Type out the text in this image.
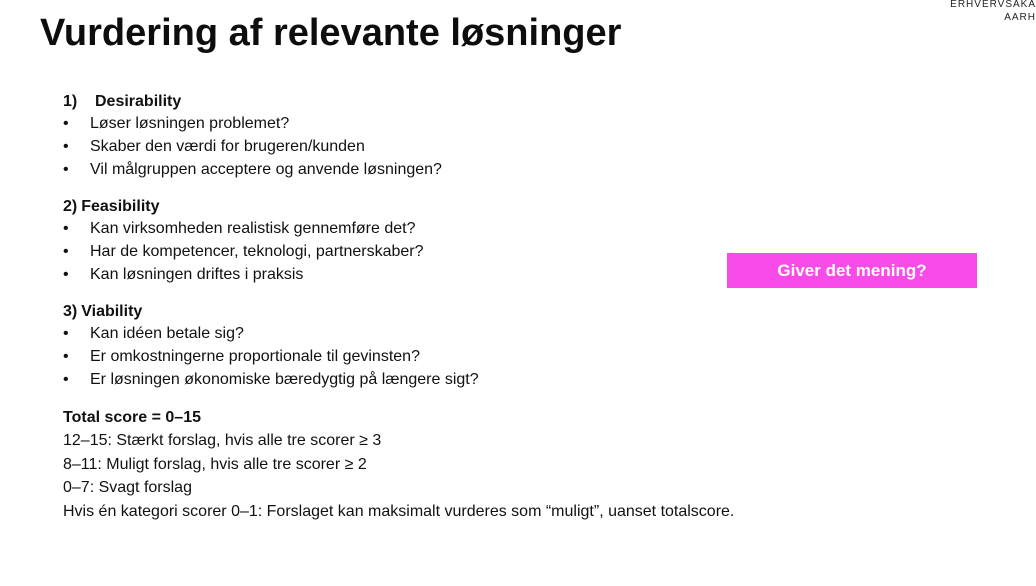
Vurdering af relevante løsninger
ERHVERVSAKA
AARH
1) Desirability
• Løser løsningen problemet?
• Skaber den værdi for brugeren/kunden
• Vil målgruppen acceptere og anvende løsningen?
2) Feasibility
• Kan virksomheden realistisk gennemføre det?
• Har de kompetencer, teknologi, partnerskaber?
• Kan løsningen driftes i praksis
3) Viability
• Kan idéen betale sig?
• Er omkostningerne proportionale til gevinsten?
• Er løsningen økonomiske bæredygtig på længere sigt?
Total score = 0–15
12–15: Stærkt forslag, hvis alle tre scorer ≥ 3
8–11: Muligt forslag, hvis alle tre scorer ≥ 2
0–7: Svagt forslag
Hvis én kategori scorer 0–1: Forslaget kan maksimalt vurderes som “muligt”, uanset totalscore.
Giver det mening?
